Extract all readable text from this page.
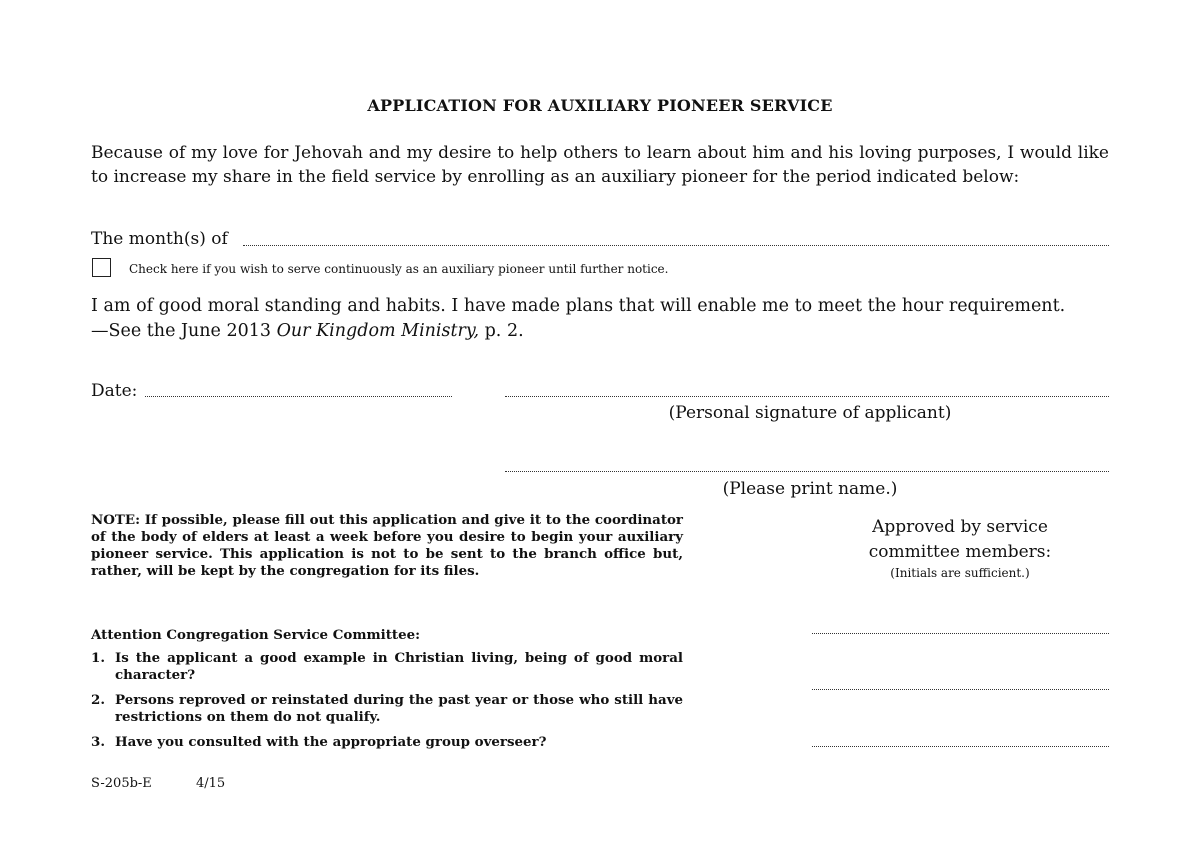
APPLICATION FOR AUXILIARY PIONEER SERVICE
Because of my love for Jehovah and my desire to help others to learn about him and his loving purposes, I would like to increase my share in the field service by enrolling as an auxiliary pioneer for the period indicated below:
The month(s) of
Check here if you wish to serve continuously as an auxiliary pioneer until further notice.
I am of good moral standing and habits. I have made plans that will enable me to meet the hour requirement.
—See the June 2013 Our Kingdom Ministry, p. 2.
Date:
(Personal signature of applicant)
(Please print name.)
NOTE: If possible, please fill out this application and give it to the coordinator of the body of elders at least a week before you desire to begin your auxiliary pioneer service. This application is not to be sent to the branch office but, rather, will be kept by the congregation for its files.
Approved by service
committee members:
(Initials are sufficient.)
Attention Congregation Service Committee:
1. Is the applicant a good example in Christian living, being of good moral character?
2. Persons reproved or reinstated during the past year or those who still have restrictions on them do not qualify.
3. Have you consulted with the appropriate group overseer?
S-205b-E	4/15
